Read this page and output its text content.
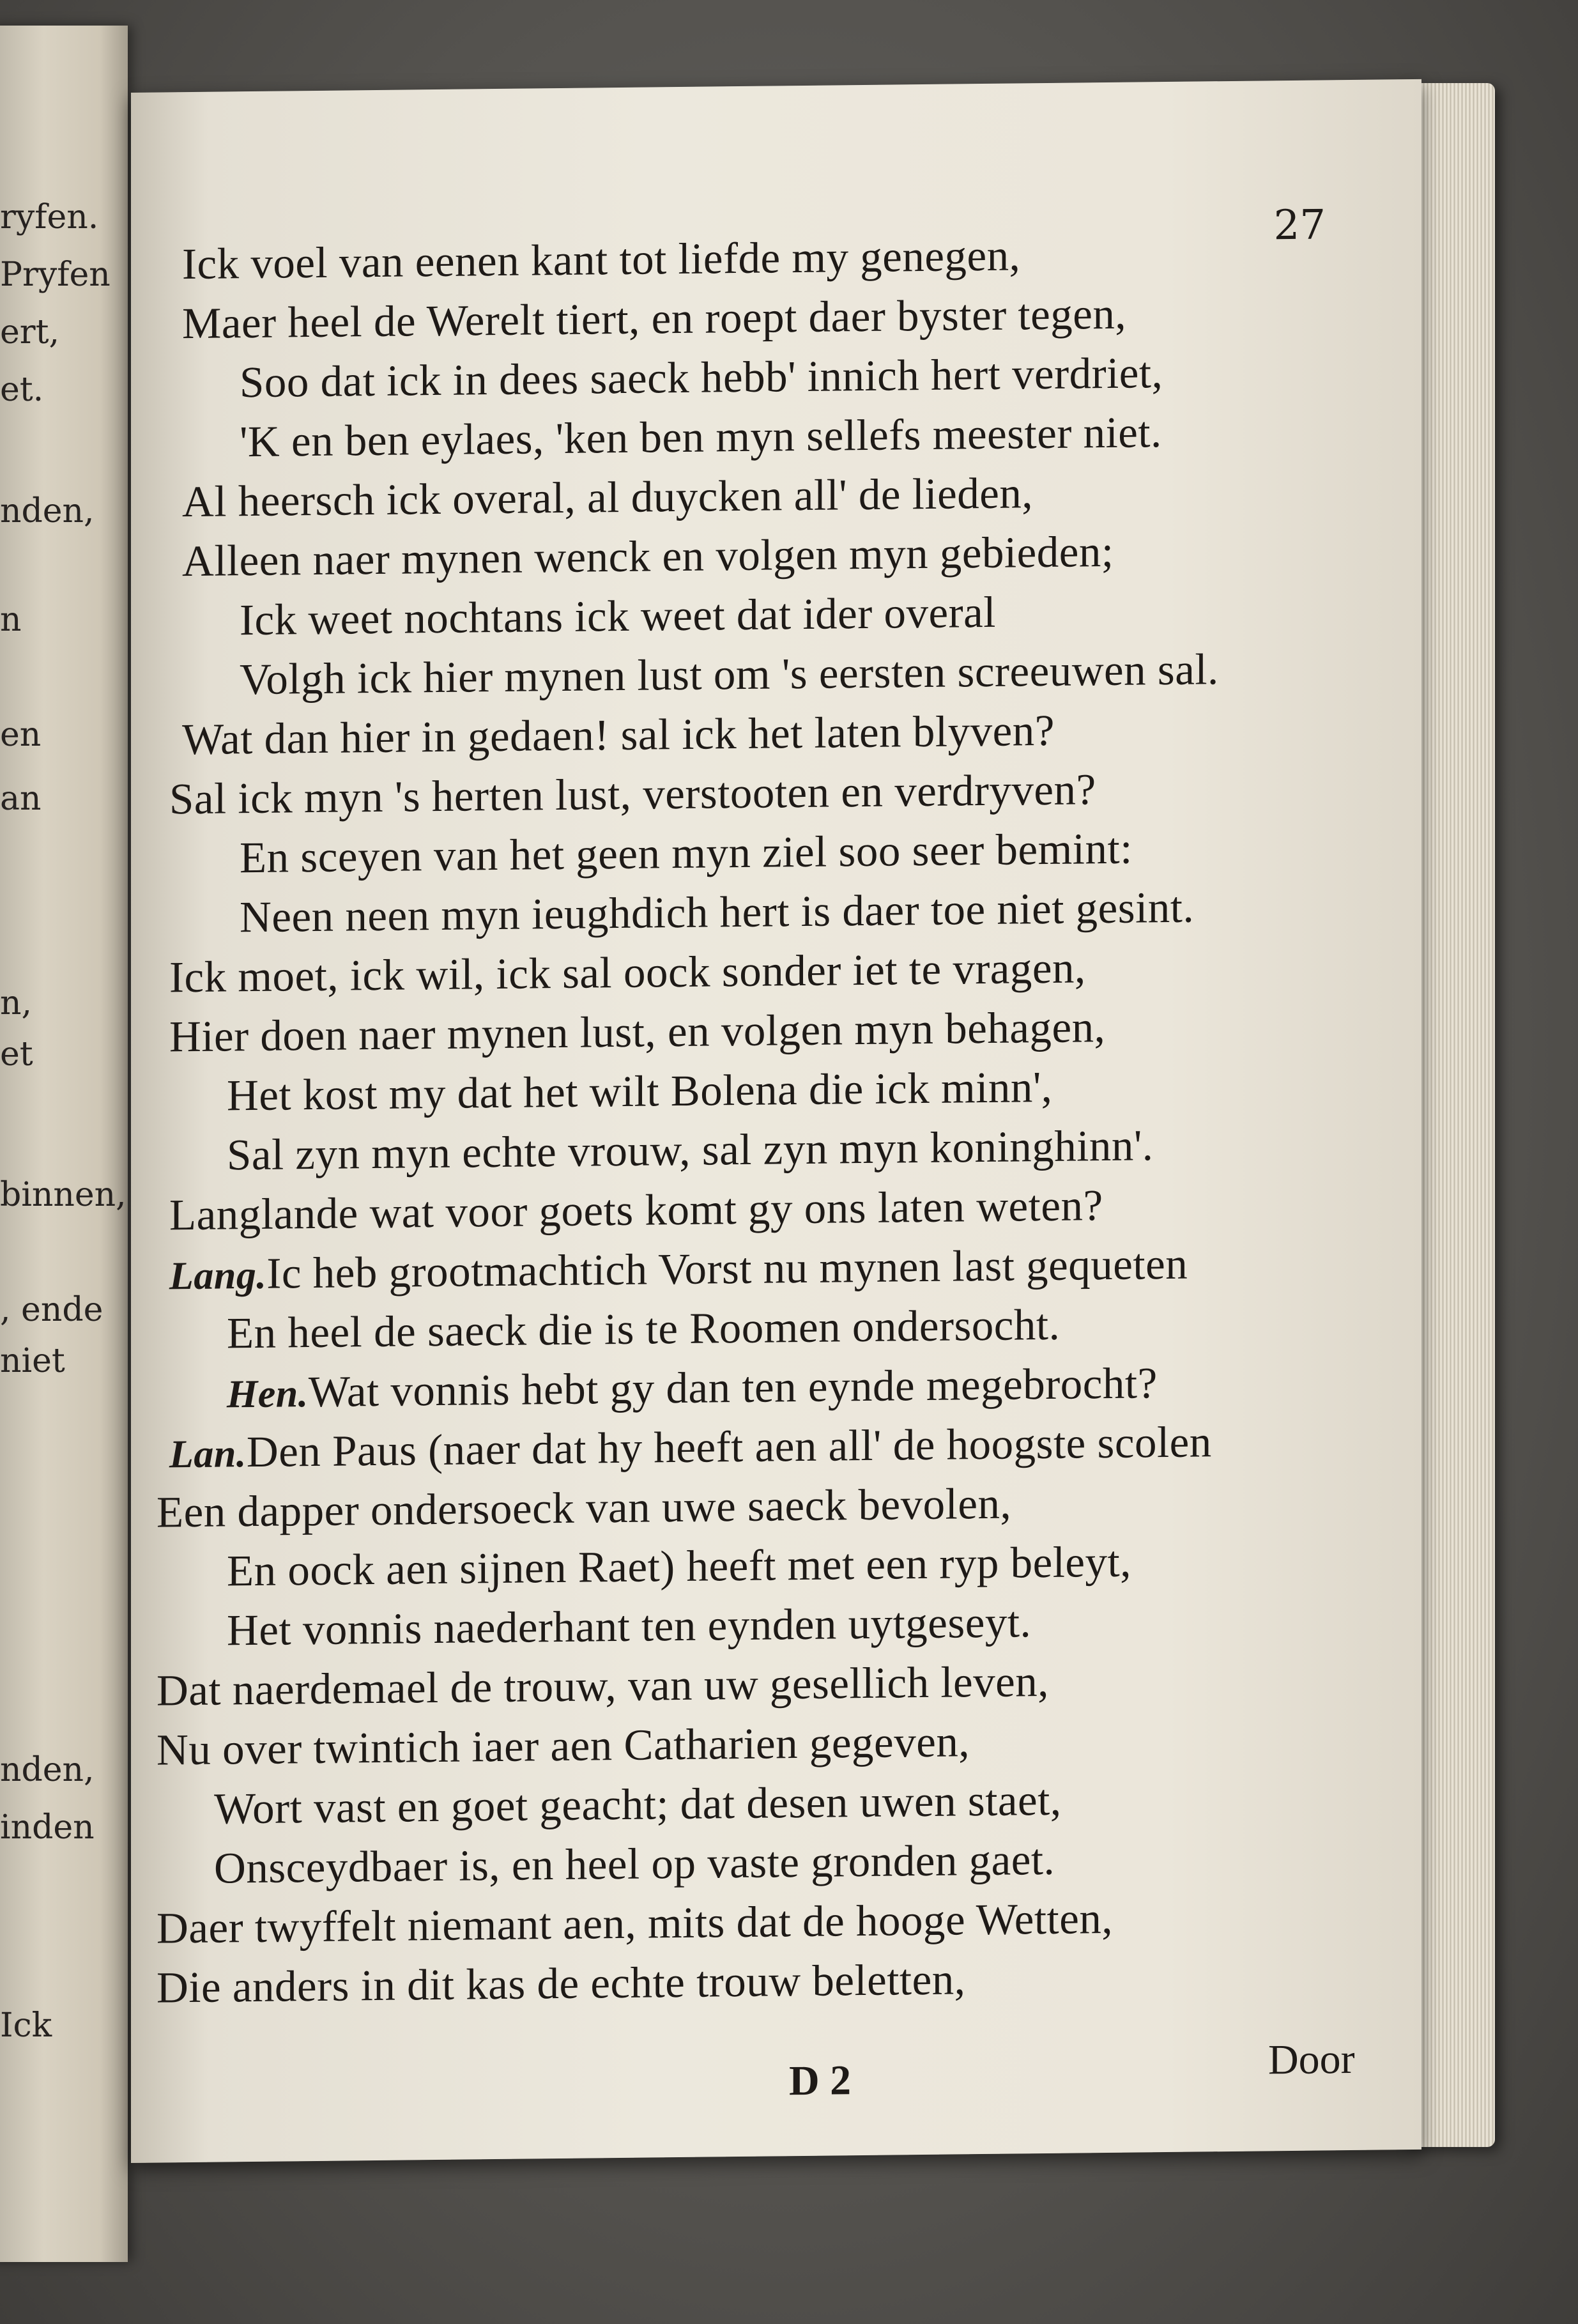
ryfen.
Pryfen
ert,
et.
nden,
n
en
an
n,
et
binnen,
, ende
niet
nden,
inden
Ick
27
Ick voel van eenen kant tot liefde my genegen,
Maer heel de Werelt tiert, en roept daer byster tegen,
Soo dat ick in dees saeck hebb' innich hert verdriet,
'K en ben eylaes, 'ken ben myn sellefs meester niet.
Al heersch ick overal, al duycken all' de lieden,
Alleen naer mynen wenck en volgen myn gebieden;
Ick weet nochtans ick weet dat ider overal
Volgh ick hier mynen lust om 's eersten screeuwen sal.
Wat dan hier in gedaen! sal ick het laten blyven?
Sal ick myn 's herten lust, verstooten en verdryven?
En sceyen van het geen myn ziel soo seer bemint:
Neen neen myn ieughdich hert is daer toe niet gesint.
Ick moet, ick wil, ick sal oock sonder iet te vragen,
Hier doen naer mynen lust, en volgen myn behagen,
Het kost my dat het wilt Bolena die ick minn',
Sal zyn myn echte vrouw, sal zyn myn koninghinn'.
Langlande wat voor goets komt gy ons laten weten?
Lang.Ic heb grootmachtich Vorst nu mynen last gequeten
En heel de saeck die is te Roomen ondersocht.
Hen.Wat vonnis hebt gy dan ten eynde megebrocht?
Lan.Den Paus (naer dat hy heeft aen all' de hoogste scolen
Een dapper ondersoeck van uwe saeck bevolen,
En oock aen sijnen Raet) heeft met een ryp beleyt,
Het vonnis naederhant ten eynden uytgeseyt.
Dat naerdemael de trouw, van uw gesellich leven,
Nu over twintich iaer aen Catharien gegeven,
Wort vast en goet geacht; dat desen uwen staet,
Onsceydbaer is, en heel op vaste gronden gaet.
Daer twyffelt niemant aen, mits dat de hooge Wetten,
Die anders in dit kas de echte trouw beletten,
D 2	Door
